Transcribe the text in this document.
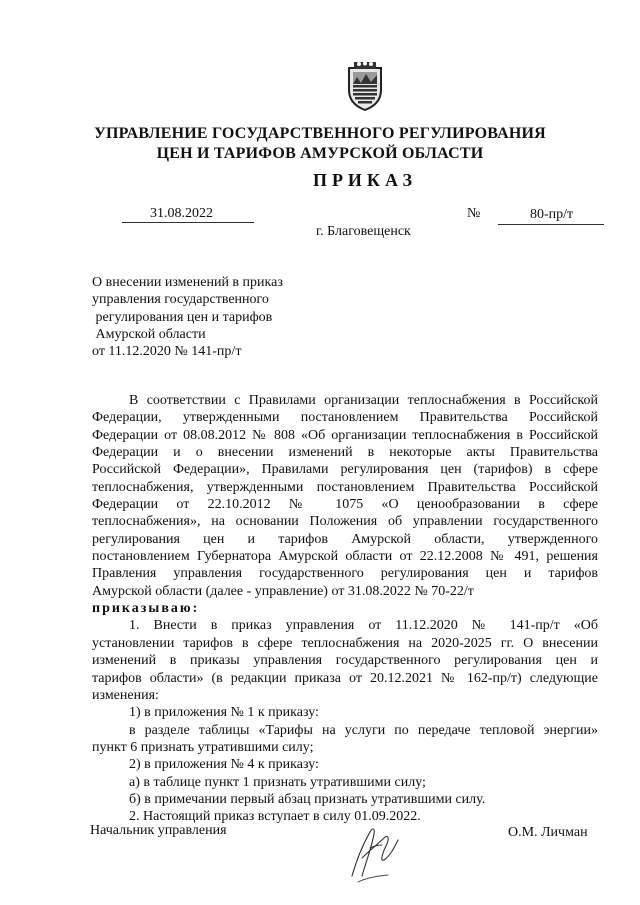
УПРАВЛЕНИЕ ГОСУДАРСТВЕННОГО РЕГУЛИРОВАНИЯ
ЦЕН И ТАРИФОВ АМУРСКОЙ ОБЛАСТИ
ПРИКАЗ
31.08.2022	№	80-пр/т
г. Благовещенск
О внесении изменений в приказ
управления государственного
регулирования цен и тарифов
Амурской области
от 11.12.2020 № 141-пр/т
В соответствии с Правилами организации теплоснабжения в Российской
Федерации, утвержденными постановлением Правительства Российской
Федерации от 08.08.2012 № 808 «Об организации теплоснабжения в Российской
Федерации и о внесении изменений в некоторые акты Правительства
Российской Федерации», Правилами регулирования цен (тарифов) в сфере
теплоснабжения, утвержденными постановлением Правительства Российской
Федерации от 22.10.2012 № 1075 «О ценообразовании в сфере
теплоснабжения», на основании Положения об управлении государственного
регулирования цен и тарифов Амурской области, утвержденного
постановлением Губернатора Амурской области от 22.12.2008 № 491, решения
Правления управления государственного регулирования цен и тарифов
Амурской области (далее - управление) от 31.08.2022 № 70-22/т
приказываю:
1. Внести в приказ управления от 11.12.2020 № 141-пр/т «Об
установлении тарифов в сфере теплоснабжения на 2020-2025 гг. О внесении
изменений в приказы управления государственного регулирования цен и
тарифов области» (в редакции приказа от 20.12.2021 № 162-пр/т) следующие
изменения:
1) в приложения № 1 к приказу:
в разделе таблицы «Тарифы на услуги по передаче тепловой энергии»
пункт 6 признать утратившими силу;
2) в приложения № 4 к приказу:
а) в таблице пункт 1 признать утратившими силу;
б) в примечании первый абзац признать утратившими силу.
2. Настоящий приказ вступает в силу 01.09.2022.
Начальник управления	О.М. Личман
